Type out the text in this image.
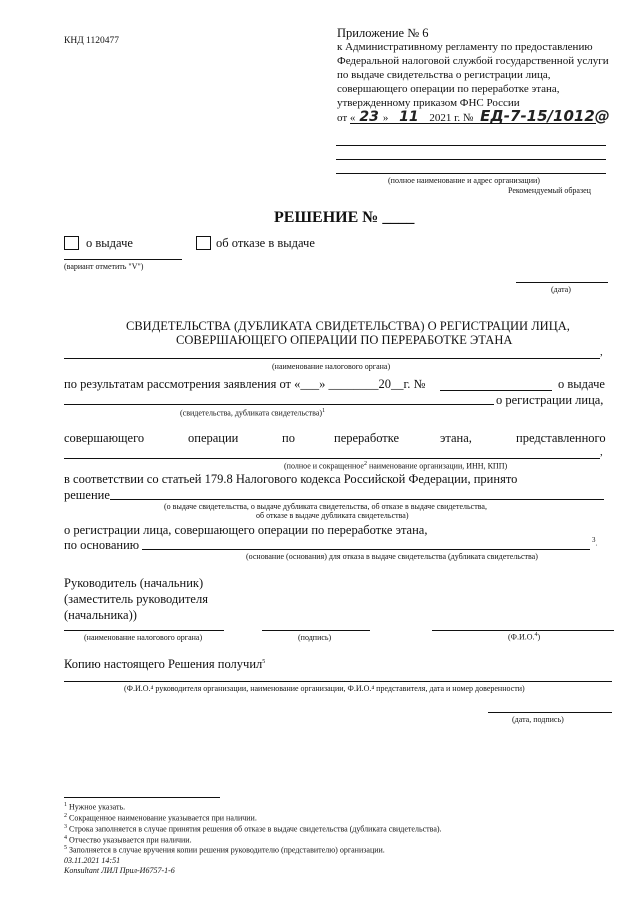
КНД 1120477
Приложение № 6
к Административному регламенту по предоставлению
Федеральной налоговой службой государственной услуги
по выдаче свидетельства о регистрации лица,
совершающего операции по переработке этана,
утвержденному приказом ФНС России
от « 23 » 11 2021 г. № ЕД-7-15/1012@
(полное наименование и адрес организации)
Рекомендуемый образец
РЕШЕНИЕ № ____
о выдаче	об отказе в выдаче
(вариант отметить "V")
(дата)
СВИДЕТЕЛЬСТВА (ДУБЛИКАТА СВИДЕТЕЛЬСТВА) О РЕГИСТРАЦИИ ЛИЦА,
СОВЕРШАЮЩЕГО ОПЕРАЦИИ ПО ПЕРЕРАБОТКЕ ЭТАНА
,
(наименование налогового органа)
по результатам рассмотрения заявления от «___» ________20__г. №	о выдаче
о регистрации лица,
(свидетельства, дубликата свидетельства)$^1$
совершающего	операции	по	переработке	этана,	представленного
,
(полное и сокращенное$^2$ наименование организации, ИНН, КПП)
в соответствии со статьей 179.8 Налогового кодекса Российской Федерации, принято
решение
(о выдаче свидетельства, о выдаче дубликата свидетельства, об отказе в выдаче свидетельства,
об отказе в выдаче дубликата свидетельства)
о регистрации лица, совершающего операции по переработке этана,
по основанию	$^3$.
(основание (основания) для отказа в выдаче свидетельства (дубликата свидетельства)
Руководитель (начальник)
(заместитель руководителя
(начальника))
(наименование налогового органа)	(подпись)	(Ф.И.О.$^4$)
Копию настоящего Решения получил$^5$
(Ф.И.О.⁴ руководителя организации, наименование организации, Ф.И.О.⁴ представителя, дата и номер доверенности)
(дата, подпись)
$^1$ Нужное указать.
$^2$ Сокращенное наименование указывается при наличии.
$^3$ Строка заполняется в случае принятия решения об отказе в выдаче свидетельства (дубликата свидетельства).
$^4$ Отчество указывается при наличии.
$^5$ Заполняется в случае вручения копии решения руководителю (представителю) организации.
03.11.2021 14:51
Konsultant ЛИЛ Прил-И6757-1-6
